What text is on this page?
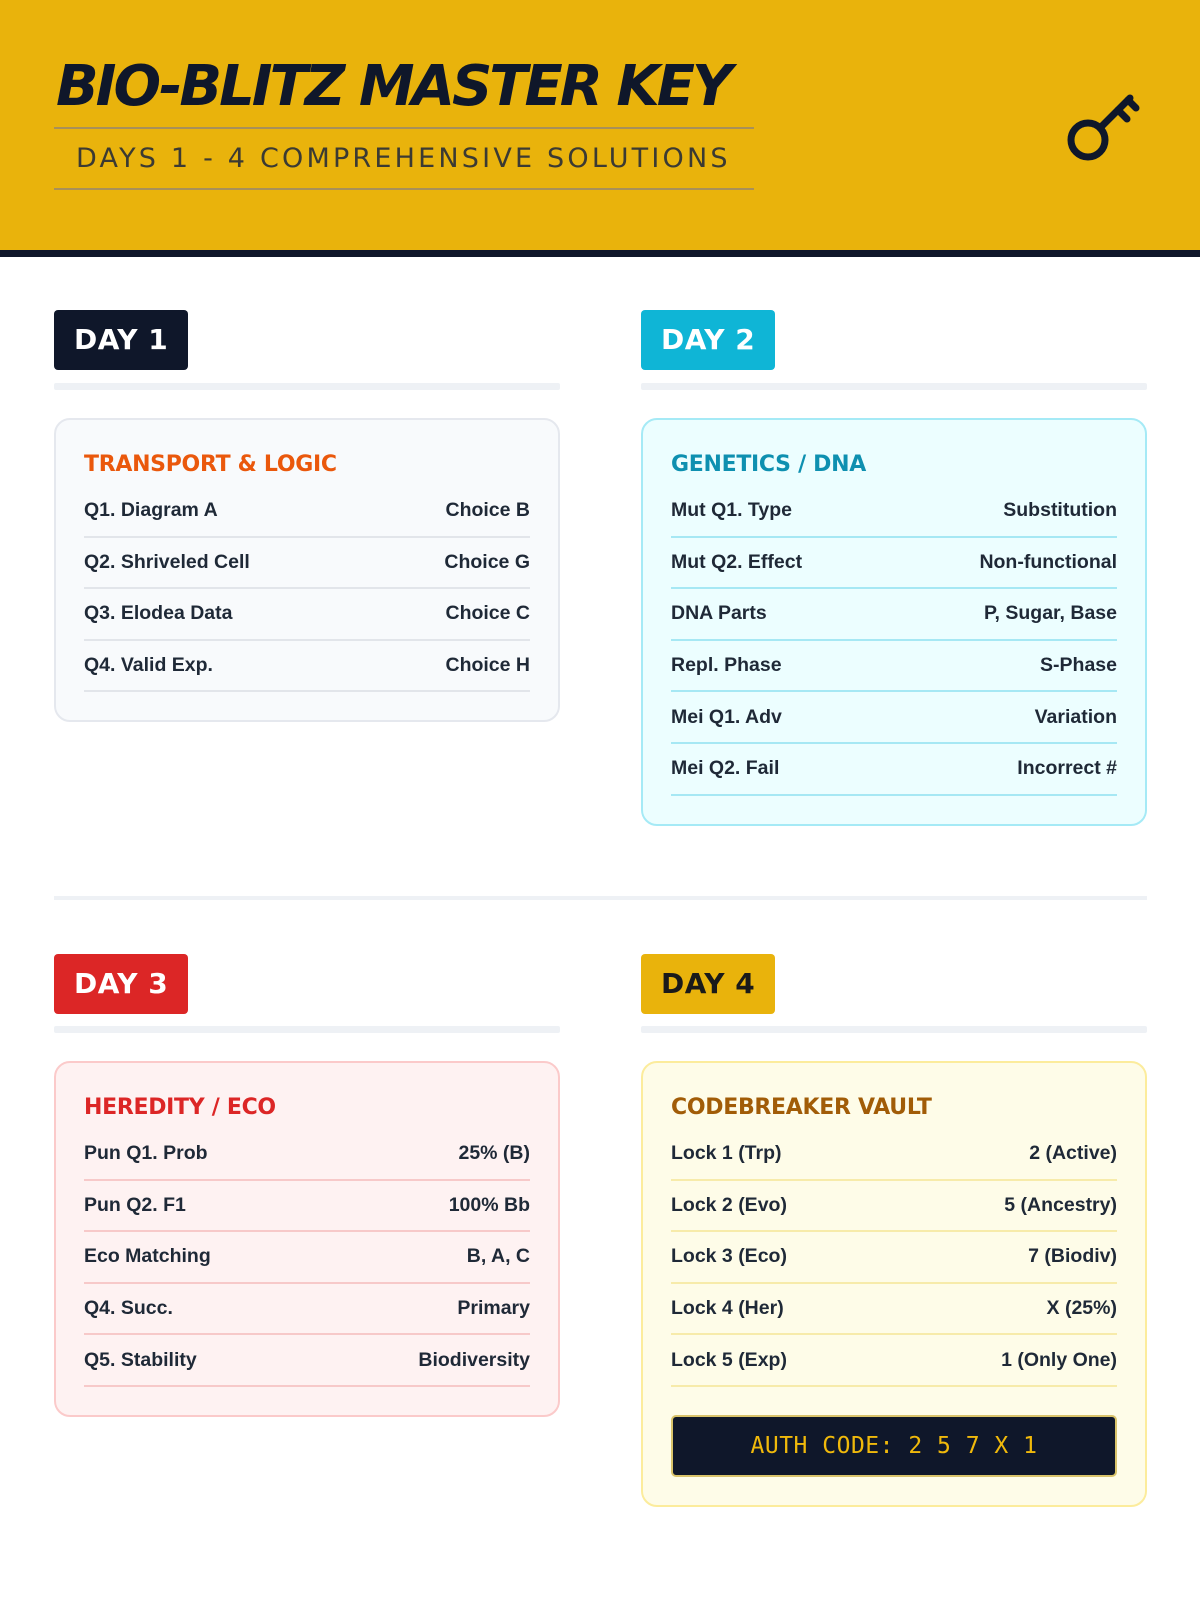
BIO-BLITZ MASTER KEY
DAYS 1 - 4 COMPREHENSIVE SOLUTIONS
DAY 1
TRANSPORT & LOGIC
Q1. Diagram A	Choice B
Q2. Shriveled Cell	Choice G
Q3. Elodea Data	Choice C
Q4. Valid Exp.	Choice H
DAY 2
GENETICS / DNA
Mut Q1. Type	Substitution
Mut Q2. Effect	Non-functional
DNA Parts	P, Sugar, Base
Repl. Phase	S-Phase
Mei Q1. Adv	Variation
Mei Q2. Fail	Incorrect #
DAY 3
HEREDITY / ECO
Pun Q1. Prob	25% (B)
Pun Q2. F1	100% Bb
Eco Matching	B, A, C
Q4. Succ.	Primary
Q5. Stability	Biodiversity
DAY 4
CODEBREAKER VAULT
Lock 1 (Trp)	2 (Active)
Lock 2 (Evo)	5 (Ancestry)
Lock 3 (Eco)	7 (Biodiv)
Lock 4 (Her)	X (25%)
Lock 5 (Exp)	1 (Only One)
AUTH CODE: 2 5 7 X 1
